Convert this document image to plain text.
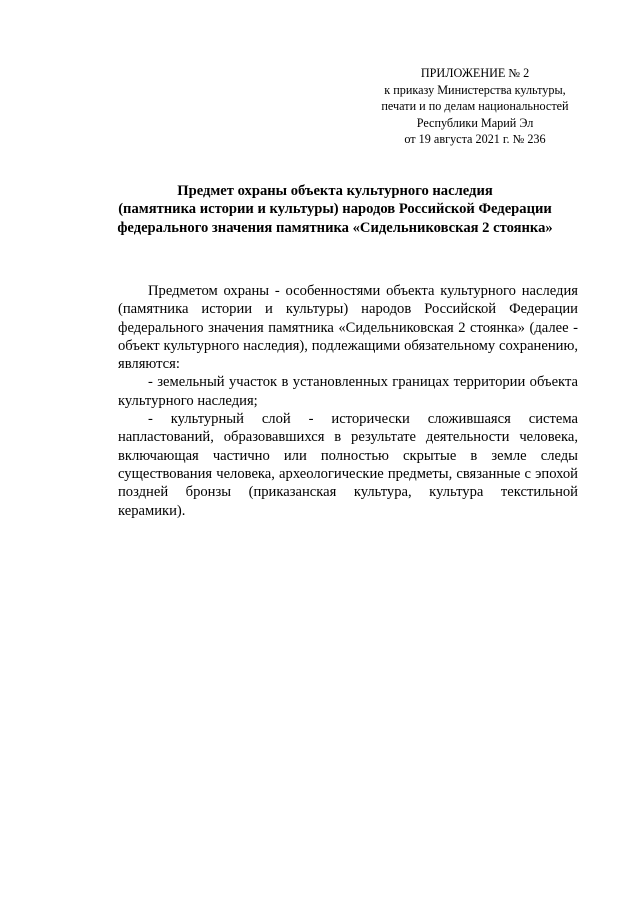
ПРИЛОЖЕНИЕ № 2
к приказу Министерства культуры,
печати и по делам национальностей
Республики Марий Эл
от 19 августа 2021 г. № 236
Предмет охраны объекта культурного наследия
(памятника истории и культуры) народов Российской Федерации
федерального значения памятника «Сидельниковская 2 стоянка»

Предметом охраны - особенностями объекта культурного наследия (памятника истории и культуры) народов Российской Федерации федерального значения памятника «Сидельниковская 2 стоянка» (далее - объект культурного наследия), подлежащими обязательному сохранению, являются:

- земельный участок в установленных границах территории объекта культурного наследия;

- культурный слой - исторически сложившаяся система напластований, образовавшихся в результате деятельности человека, включающая частично или полностью скрытые в земле следы существования человека, археологические предметы, связанные с эпохой поздней бронзы (приказанская культура, культура текстильной керамики).
